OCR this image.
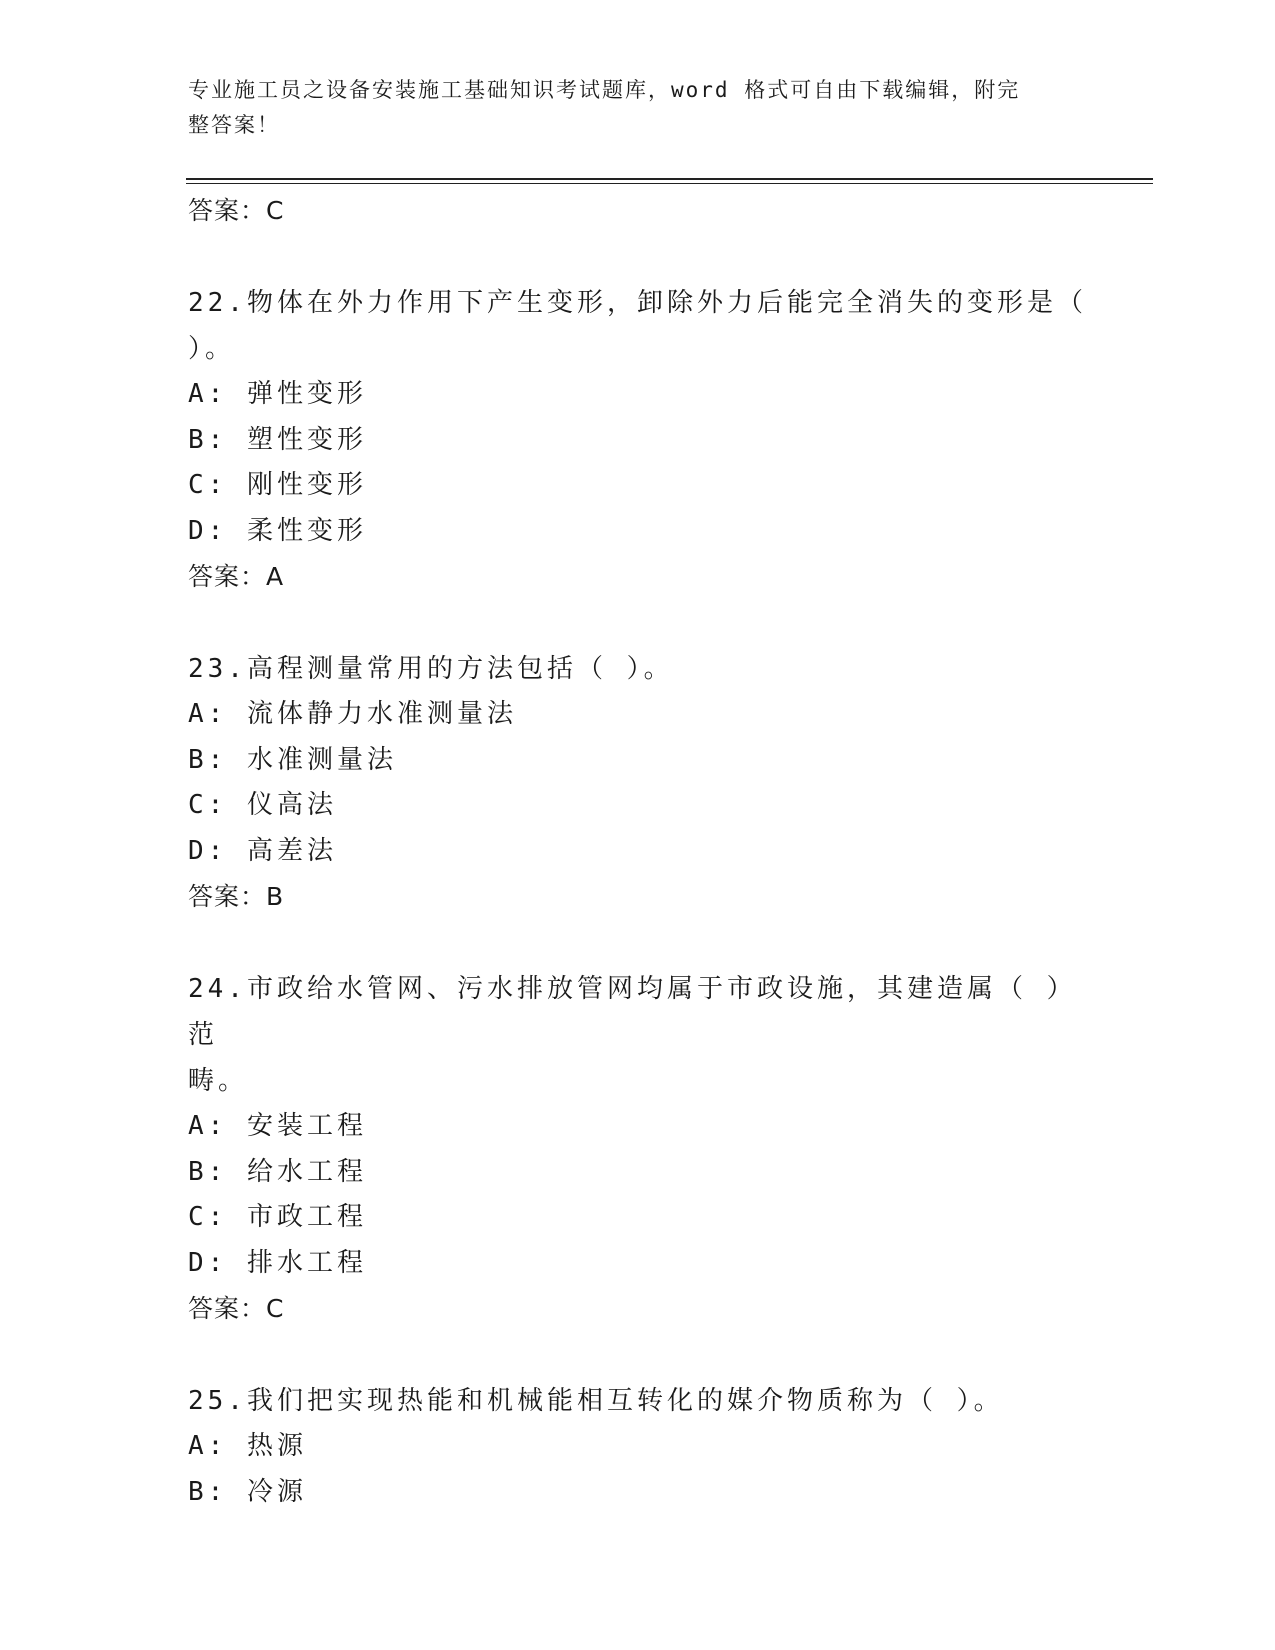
专业施工员之设备安装施工基础知识考试题库，word 格式可自由下载编辑，附完
整答案！
答案：C
22.物体在外力作用下产生变形，卸除外力后能完全消失的变形是（
）。
A: 弹性变形
B: 塑性变形
C: 刚性变形
D: 柔性变形
答案：A
23.高程测量常用的方法包括（ ）。
A: 流体静力水准测量法
B: 水准测量法
C: 仪高法
D: 高差法
答案：B
24.市政给水管网、污水排放管网均属于市政设施，其建造属（ ）范
畴。
A: 安装工程
B: 给水工程
C: 市政工程
D: 排水工程
答案：C
25.我们把实现热能和机械能相互转化的媒介物质称为（ ）。
A: 热源
B: 冷源
